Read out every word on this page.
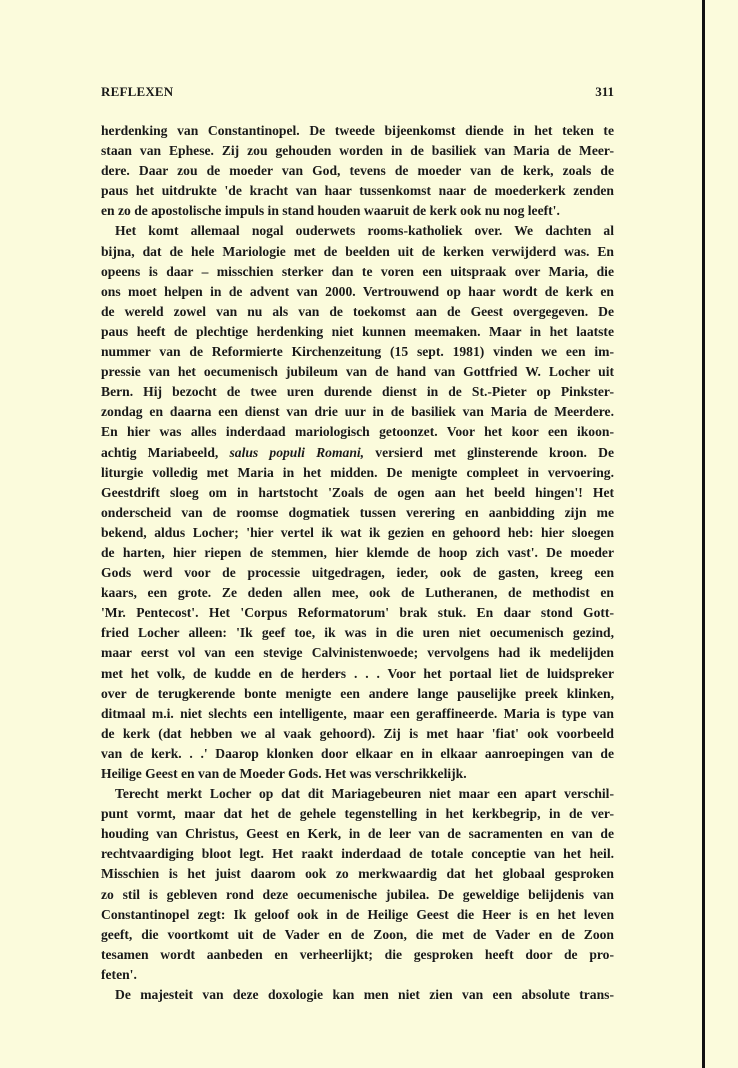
REFLEXEN	311
herdenking van Constantinopel. De tweede bijeenkomst diende in het teken te
staan van Ephese. Zij zou gehouden worden in de basiliek van Maria de Meer-
dere. Daar zou de moeder van God, tevens de moeder van de kerk, zoals de
paus het uitdrukte 'de kracht van haar tussenkomst naar de moederkerk zenden
en zo de apostolische impuls in stand houden waaruit de kerk ook nu nog leeft'.
Het komt allemaal nogal ouderwets rooms-katholiek over. We dachten al
bijna, dat de hele Mariologie met de beelden uit de kerken verwijderd was. En
opeens is daar – misschien sterker dan te voren een uitspraak over Maria, die
ons moet helpen in de advent van 2000. Vertrouwend op haar wordt de kerk en
de wereld zowel van nu als van de toekomst aan de Geest overgegeven. De
paus heeft de plechtige herdenking niet kunnen meemaken. Maar in het laatste
nummer van de Reformierte Kirchenzeitung (15 sept. 1981) vinden we een im-
pressie van het oecumenisch jubileum van de hand van Gottfried W. Locher uit
Bern. Hij bezocht de twee uren durende dienst in de St.-Pieter op Pinkster-
zondag en daarna een dienst van drie uur in de basiliek van Maria de Meerdere.
En hier was alles inderdaad mariologisch getoonzet. Voor het koor een ikoon-
achtig Mariabeeld, salus populi Romani, versierd met glinsterende kroon. De
liturgie volledig met Maria in het midden. De menigte compleet in vervoering.
Geestdrift sloeg om in hartstocht 'Zoals de ogen aan het beeld hingen'! Het
onderscheid van de roomse dogmatiek tussen verering en aanbidding zijn me
bekend, aldus Locher; 'hier vertel ik wat ik gezien en gehoord heb: hier sloegen
de harten, hier riepen de stemmen, hier klemde de hoop zich vast'. De moeder
Gods werd voor de processie uitgedragen, ieder, ook de gasten, kreeg een
kaars, een grote. Ze deden allen mee, ook de Lutheranen, de methodist en
'Mr. Pentecost'. Het 'Corpus Reformatorum' brak stuk. En daar stond Gott-
fried Locher alleen: 'Ik geef toe, ik was in die uren niet oecumenisch gezind,
maar eerst vol van een stevige Calvinistenwoede; vervolgens had ik medelijden
met het volk, de kudde en de herders . . . Voor het portaal liet de luidspreker
over de terugkerende bonte menigte een andere lange pauselijke preek klinken,
ditmaal m.i. niet slechts een intelligente, maar een geraffineerde. Maria is type van
de kerk (dat hebben we al vaak gehoord). Zij is met haar 'fiat' ook voorbeeld
van de kerk. . .' Daarop klonken door elkaar en in elkaar aanroepingen van de
Heilige Geest en van de Moeder Gods. Het was verschrikkelijk.
Terecht merkt Locher op dat dit Mariagebeuren niet maar een apart verschil-
punt vormt, maar dat het de gehele tegenstelling in het kerkbegrip, in de ver-
houding van Christus, Geest en Kerk, in de leer van de sacramenten en van de
rechtvaardiging bloot legt. Het raakt inderdaad de totale conceptie van het heil.
Misschien is het juist daarom ook zo merkwaardig dat het globaal gesproken
zo stil is gebleven rond deze oecumenische jubilea. De geweldige belijdenis van
Constantinopel zegt: Ik geloof ook in de Heilige Geest die Heer is en het leven
geeft, die voortkomt uit de Vader en de Zoon, die met de Vader en de Zoon
tesamen wordt aanbeden en verheerlijkt; die gesproken heeft door de pro-
feten'.
De majesteit van deze doxologie kan men niet zien van een absolute trans-
